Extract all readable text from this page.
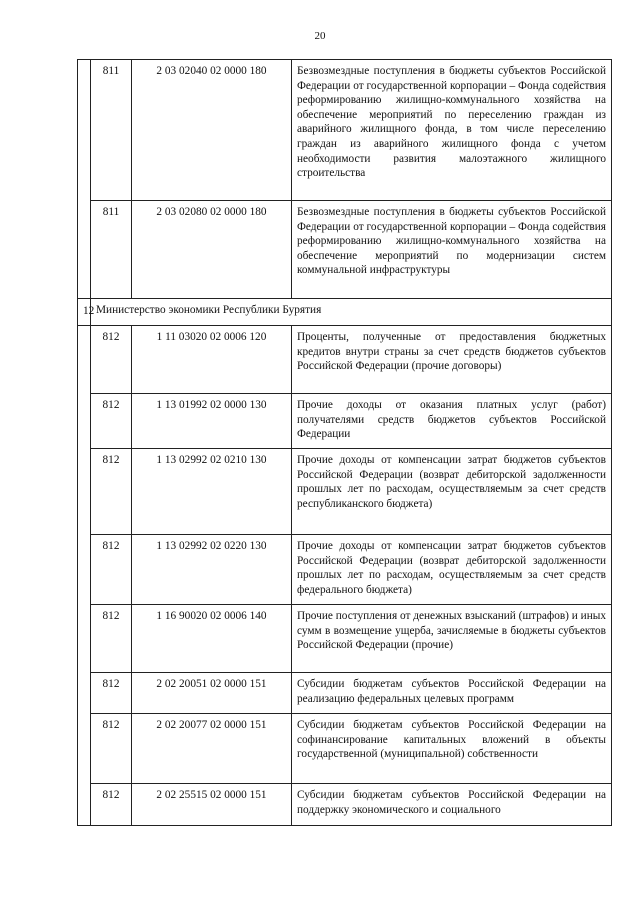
20
	811	2 03 02040 02 0000 180	Безвозмездные поступления в бюджеты субъектов Российской Федерации от государственной корпорации – Фонда содействия реформированию жилищно-коммунального хозяйства на обеспечение мероприятий по переселению граждан из аварийного жилищного фонда, в том числе переселению граждан из аварийного жилищного фонда с учетом необходимости развития малоэтажного жилищного строительства
	811	2 03 02080 02 0000 180	Безвозмездные поступления в бюджеты субъектов Российской Федерации от государственной корпорации – Фонда содействия реформированию жилищно-коммунального хозяйства на обеспечение мероприятий по модернизации систем коммунальной инфраструктуры
12	Министерство экономики Республики Бурятия		
	812	1 11 03020 02 0006 120	Проценты, полученные от предоставления бюджетных кредитов внутри страны за счет средств бюджетов субъектов Российской Федерации (прочие договоры)
	812	1 13 01992 02 0000 130	Прочие доходы от оказания платных услуг (работ) получателями средств бюджетов субъектов Российской Федерации
	812	1 13 02992 02 0210 130	Прочие доходы от компенсации затрат бюджетов субъектов Российской Федерации (возврат дебиторской задолженности прошлых лет по расходам, осуществляемым за счет средств республиканского бюджета)
	812	1 13 02992 02 0220 130	Прочие доходы от компенсации затрат бюджетов субъектов Российской Федерации (возврат дебиторской задолженности прошлых лет по расходам, осуществляемым за счет средств федерального бюджета)
	812	1 16 90020 02 0006 140	Прочие поступления от денежных взысканий (штрафов) и иных сумм в возмещение ущерба, зачисляемые в бюджеты субъектов Российской Федерации (прочие)
	812	2 02 20051 02 0000 151	Субсидии бюджетам субъектов Российской Федерации на реализацию федеральных целевых программ
	812	2 02 20077 02 0000 151	Субсидии бюджетам субъектов Российской Федерации на софинансирование капитальных вложений в объекты государственной (муниципальной) собственности
	812	2 02 25515 02 0000 151	Субсидии бюджетам субъектов Российской Федерации на поддержку экономического и социального
